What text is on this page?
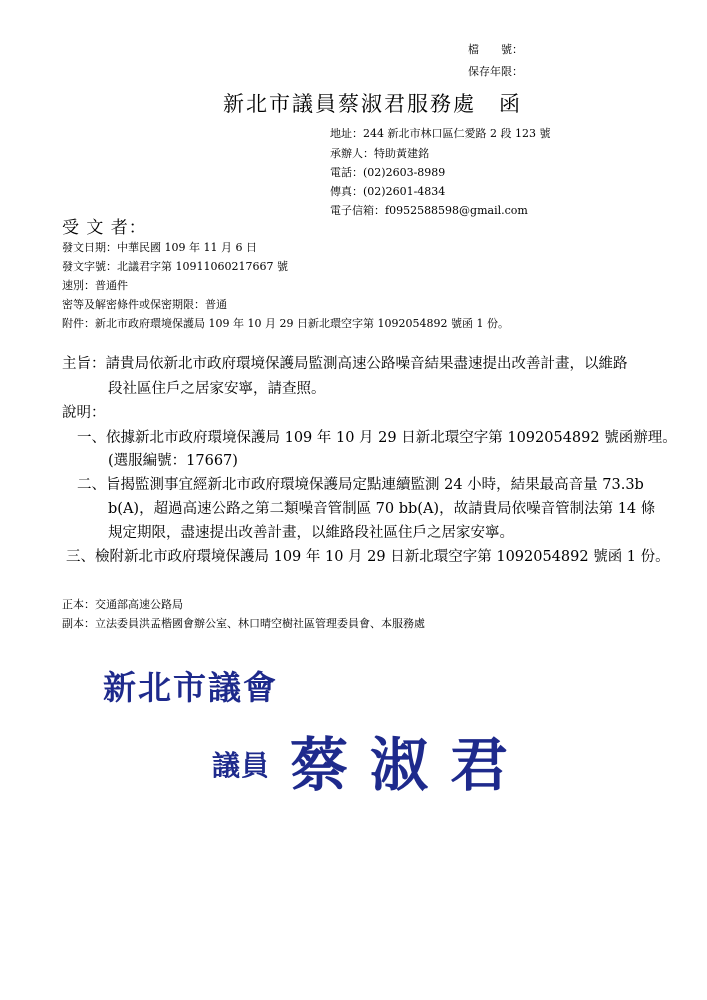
檔　　號：
保存年限：
新北市議員蔡淑君服務處　函
地址：244 新北市林口區仁愛路 2 段 123 號
承辦人：特助黃建銘
電話：(02)2603-8989
傳真：(02)2601-4834
電子信箱：f0952588598@gmail.com
受 文 者：
發文日期：中華民國 109 年 11 月 6 日
發文字號：北議君字第 10911060217667 號
速別：普通件
密等及解密條件或保密期限：普通
附件：新北市政府環境保護局 109 年 10 月 29 日新北環空字第 1092054892 號函 1 份。
主旨：請貴局依新北市政府環境保護局監測高速公路噪音結果盡速提出改善計畫，以維路
段社區住戶之居家安寧，請查照。
說明：
一、依據新北市政府環境保護局 109 年 10 月 29 日新北環空字第 1092054892 號函辦理。
(選服編號：17667)
二、旨揭監測事宜經新北市政府環境保護局定點連續監測 24 小時，結果最高音量 73.3b
b(A)，超過高速公路之第二類噪音管制區 70 bb(A)，故請貴局依噪音管制法第 14 條
規定期限，盡速提出改善計畫，以維路段社區住戶之居家安寧。
三、檢附新北市政府環境保護局 109 年 10 月 29 日新北環空字第 1092054892 號函 1 份。
正本：交通部高速公路局
副本：立法委員洪孟楷國會辦公室、林口晴空樹社區管理委員會、本服務處
新北市議會
議員 蔡淑君
